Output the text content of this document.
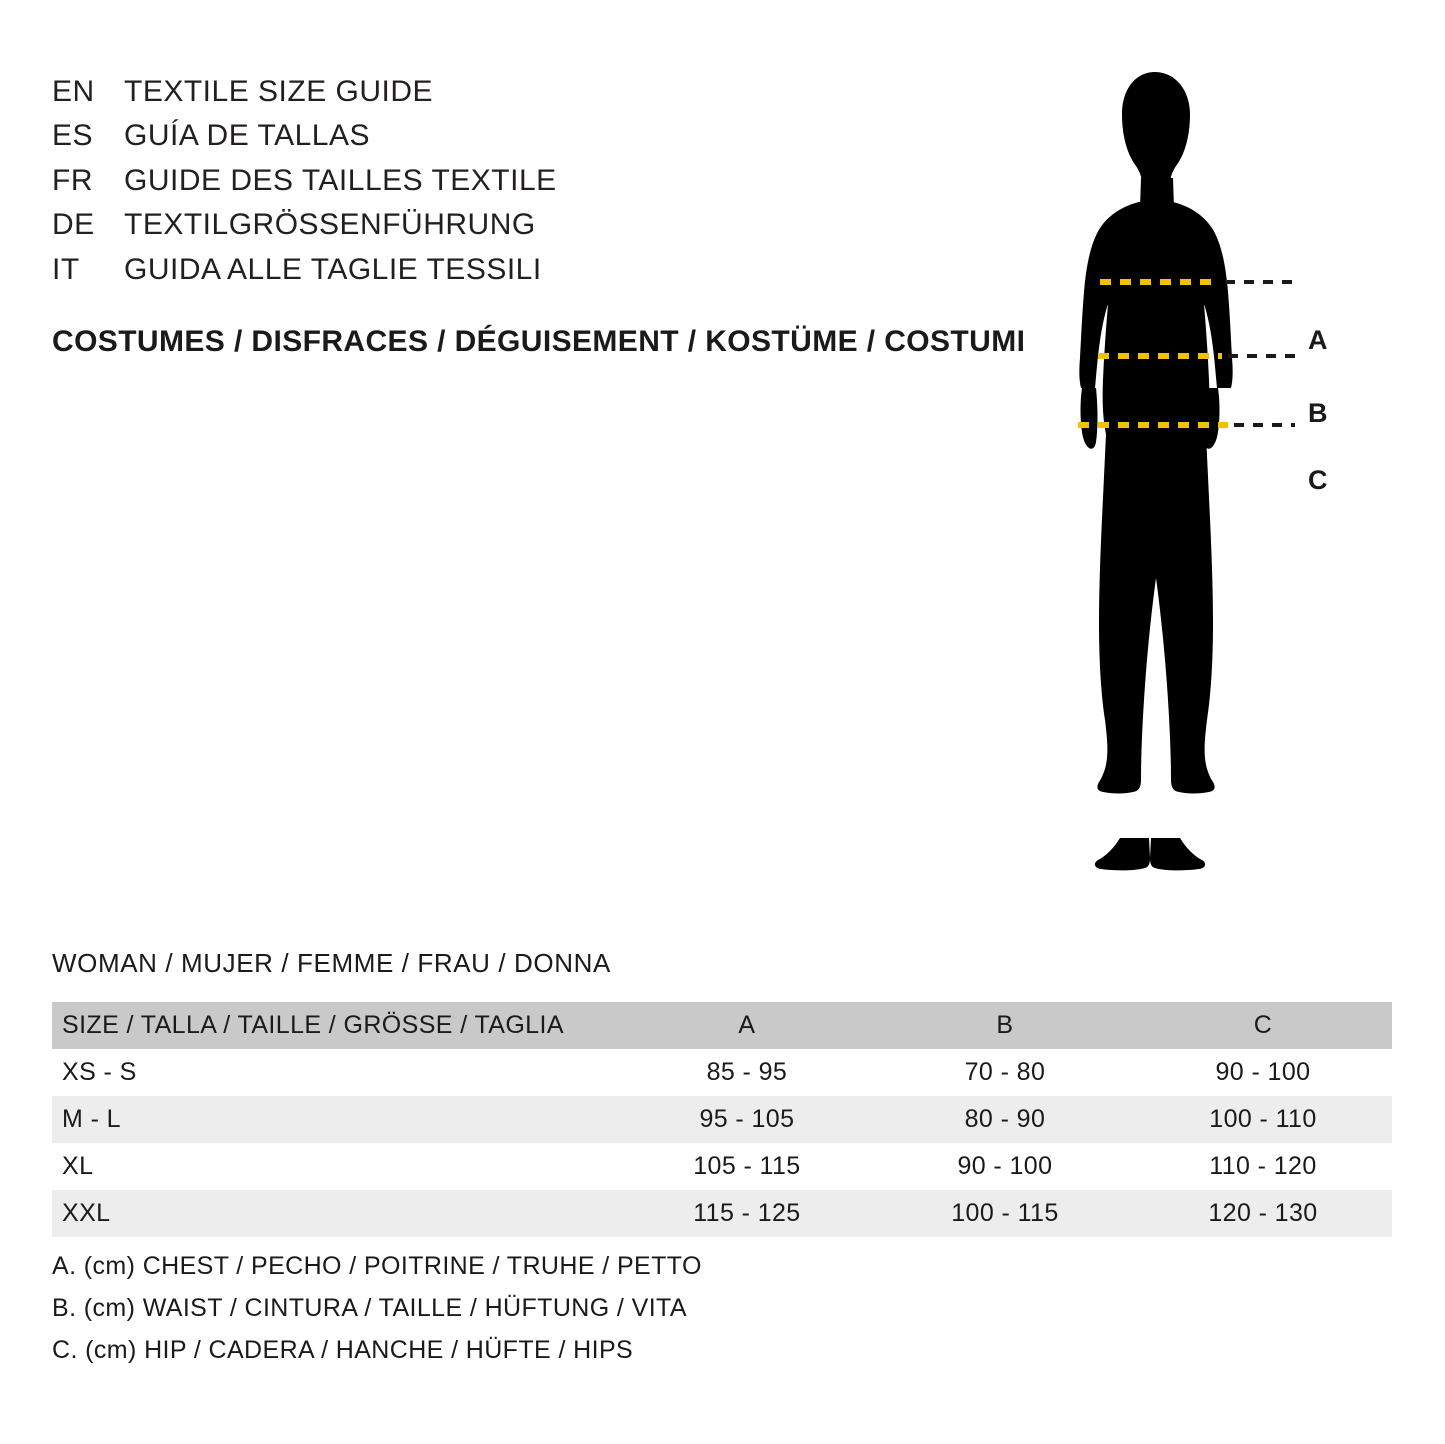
EN TEXTILE SIZE GUIDE
ES	GUÍA DE TALLAS
FR	GUIDE DES TAILLES TEXTILE
DE TEXTILGRÖSSENFÜHRUNG
IT	GUIDA ALLE TAGLIE TESSILI
COSTUMES / DISFRACES / DÉGUISEMENT / KOSTÜME / COSTUMI	A
B
C
WOMAN / MUJER / FEMME / FRAU / DONNA
SIZE / TALLA / TAILLE / GRÖSSE / TAGLIA	A	B	C
XS - S	85 - 95	70 - 80	90 - 100
M - L	95 - 105	80 - 90	100 - 110
XL	105 - 115	90 - 100	110 - 120
XXL	115 - 125	100 - 115	120 - 130
A. (cm) CHEST / PECHO / POITRINE / TRUHE / PETTO
B. (cm) WAIST / CINTURA / TAILLE / HÜFTUNG / VITA
C. (cm) HIP / CADERA / HANCHE / HÜFTE / HIPS
